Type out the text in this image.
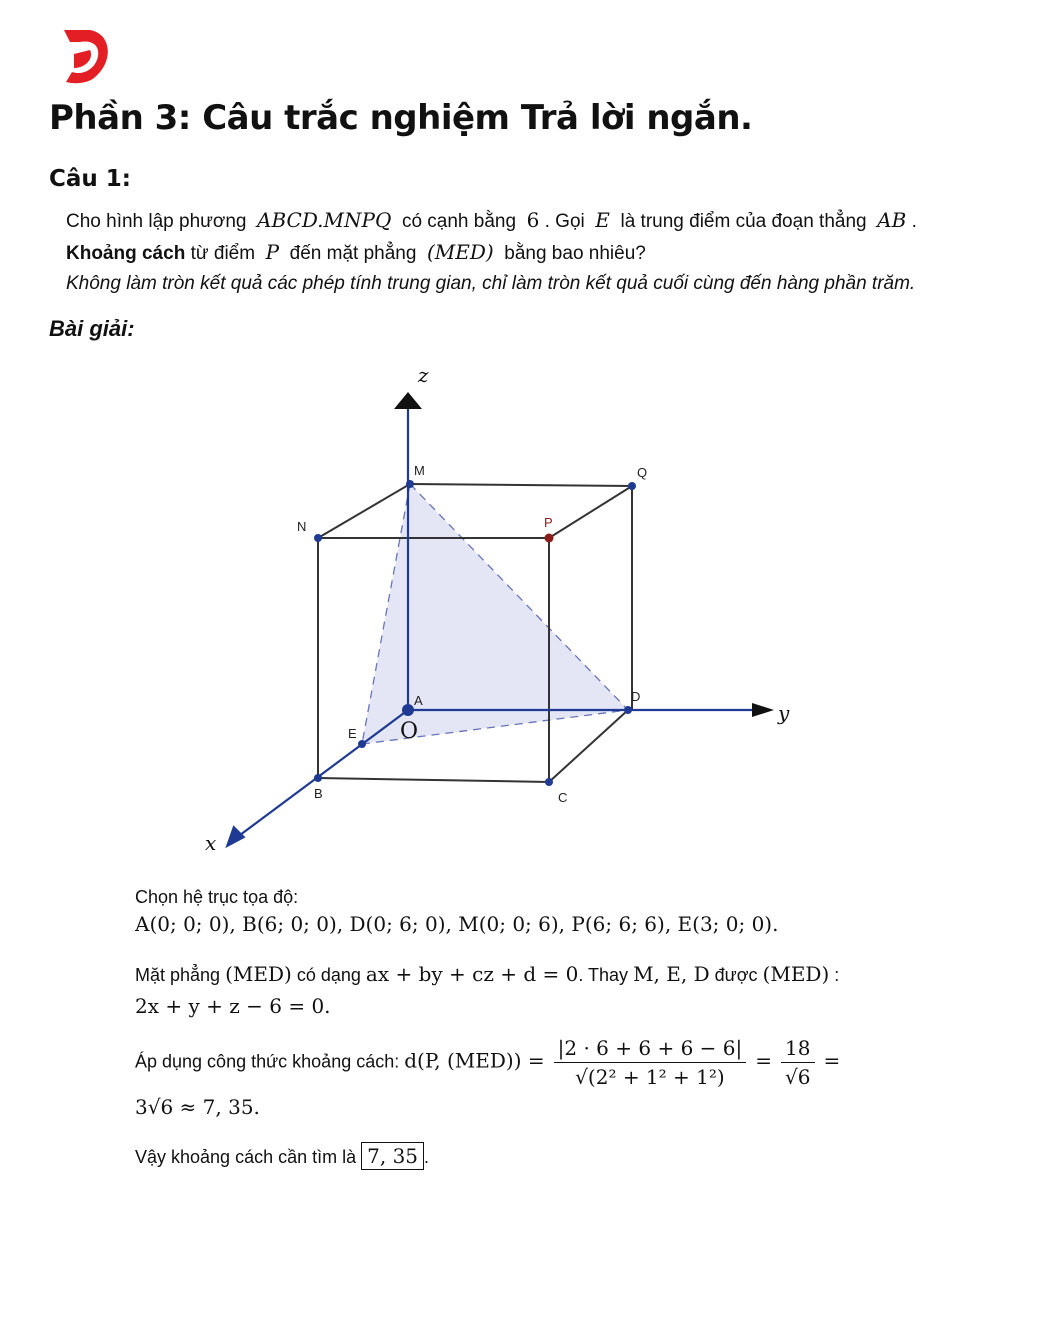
Phần 3: Câu trắc nghiệm Trả lời ngắn.
Câu 1:
Cho hình lập phương ABCD.MNPQ có cạnh bằng 6 . Gọi E là trung điểm của đoạn thẳng AB .
Khoảng cách từ điểm P đến mặt phẳng (MED) bằng bao nhiêu?
Không làm tròn kết quả các phép tính trung gian, chỉ làm tròn kết quả cuối cùng đến hàng phần trăm.
Bài giải:
z
y
x
O
M	Q
N	P
A	D
E
B	C
Chọn hệ trục tọa độ:
A(0; 0; 0), B(6; 0; 0), D(0; 6; 0), M(0; 0; 6), P(6; 6; 6), E(3; 0; 0).
Mặt phẳng (MED) có dạng ax + by + cz + d = 0. Thay M, E, D được (MED) :
2x + y + z − 6 = 0.
Áp dụng công thức khoảng cách: d(P, $(MED)) = \frac{|2 \cdot 6 + 6 + 6 - 6|}{\text{√(2² + 1² + 1²)}} = \frac{18}{√6}$ =
3√6 ≈ 7, 35.
Vậy khoảng cách cần tìm là 7, 35 .
